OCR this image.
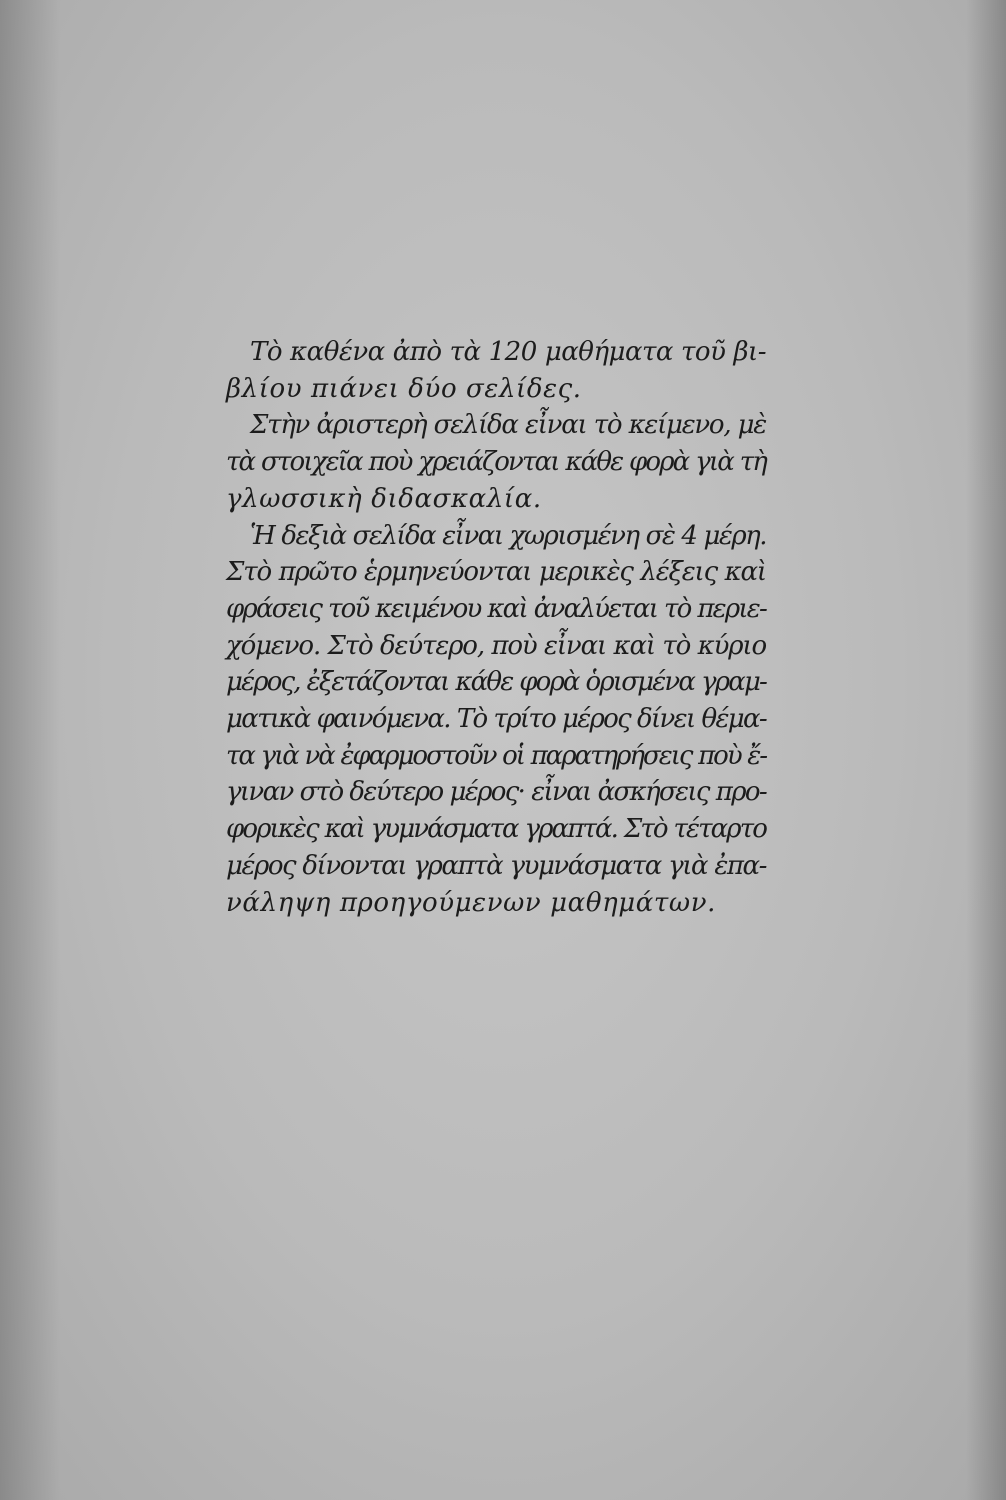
Τὸ καθένα ἀπὸ τὰ 120 μαθήματα τοῦ βι-
βλίου πιάνει δύο σελίδες.
Στὴν ἀριστερὴ σελίδα εἶναι τὸ κείμενο, μὲ
τὰ στοιχεῖα ποὺ χρειάζονται κάθε φορὰ γιὰ τὴ
γλωσσικὴ διδασκαλία.
Ἡ δεξιὰ σελίδα εἶναι χωρισμένη σὲ 4 μέρη.
Στὸ πρῶτο ἑρμηνεύονται μερικὲς λέξεις καὶ
φράσεις τοῦ κειμένου καὶ ἀναλύεται τὸ περιε-
χόμενο. Στὸ δεύτερο, ποὺ εἶναι καὶ τὸ κύριο
μέρος, ἐξετάζονται κάθε φορὰ ὁρισμένα γραμ-
ματικὰ φαινόμενα. Τὸ τρίτο μέρος δίνει θέμα-
τα γιὰ νὰ ἐφαρμοστοῦν οἱ παρατηρήσεις ποὺ ἔ-
γιναν στὸ δεύτερο μέρος· εἶναι ἀσκήσεις προ-
φορικὲς καὶ γυμνάσματα γραπτά. Στὸ τέταρτο
μέρος δίνονται γραπτὰ γυμνάσματα γιὰ ἐπα-
νάληψη προηγούμενων μαθημάτων.
